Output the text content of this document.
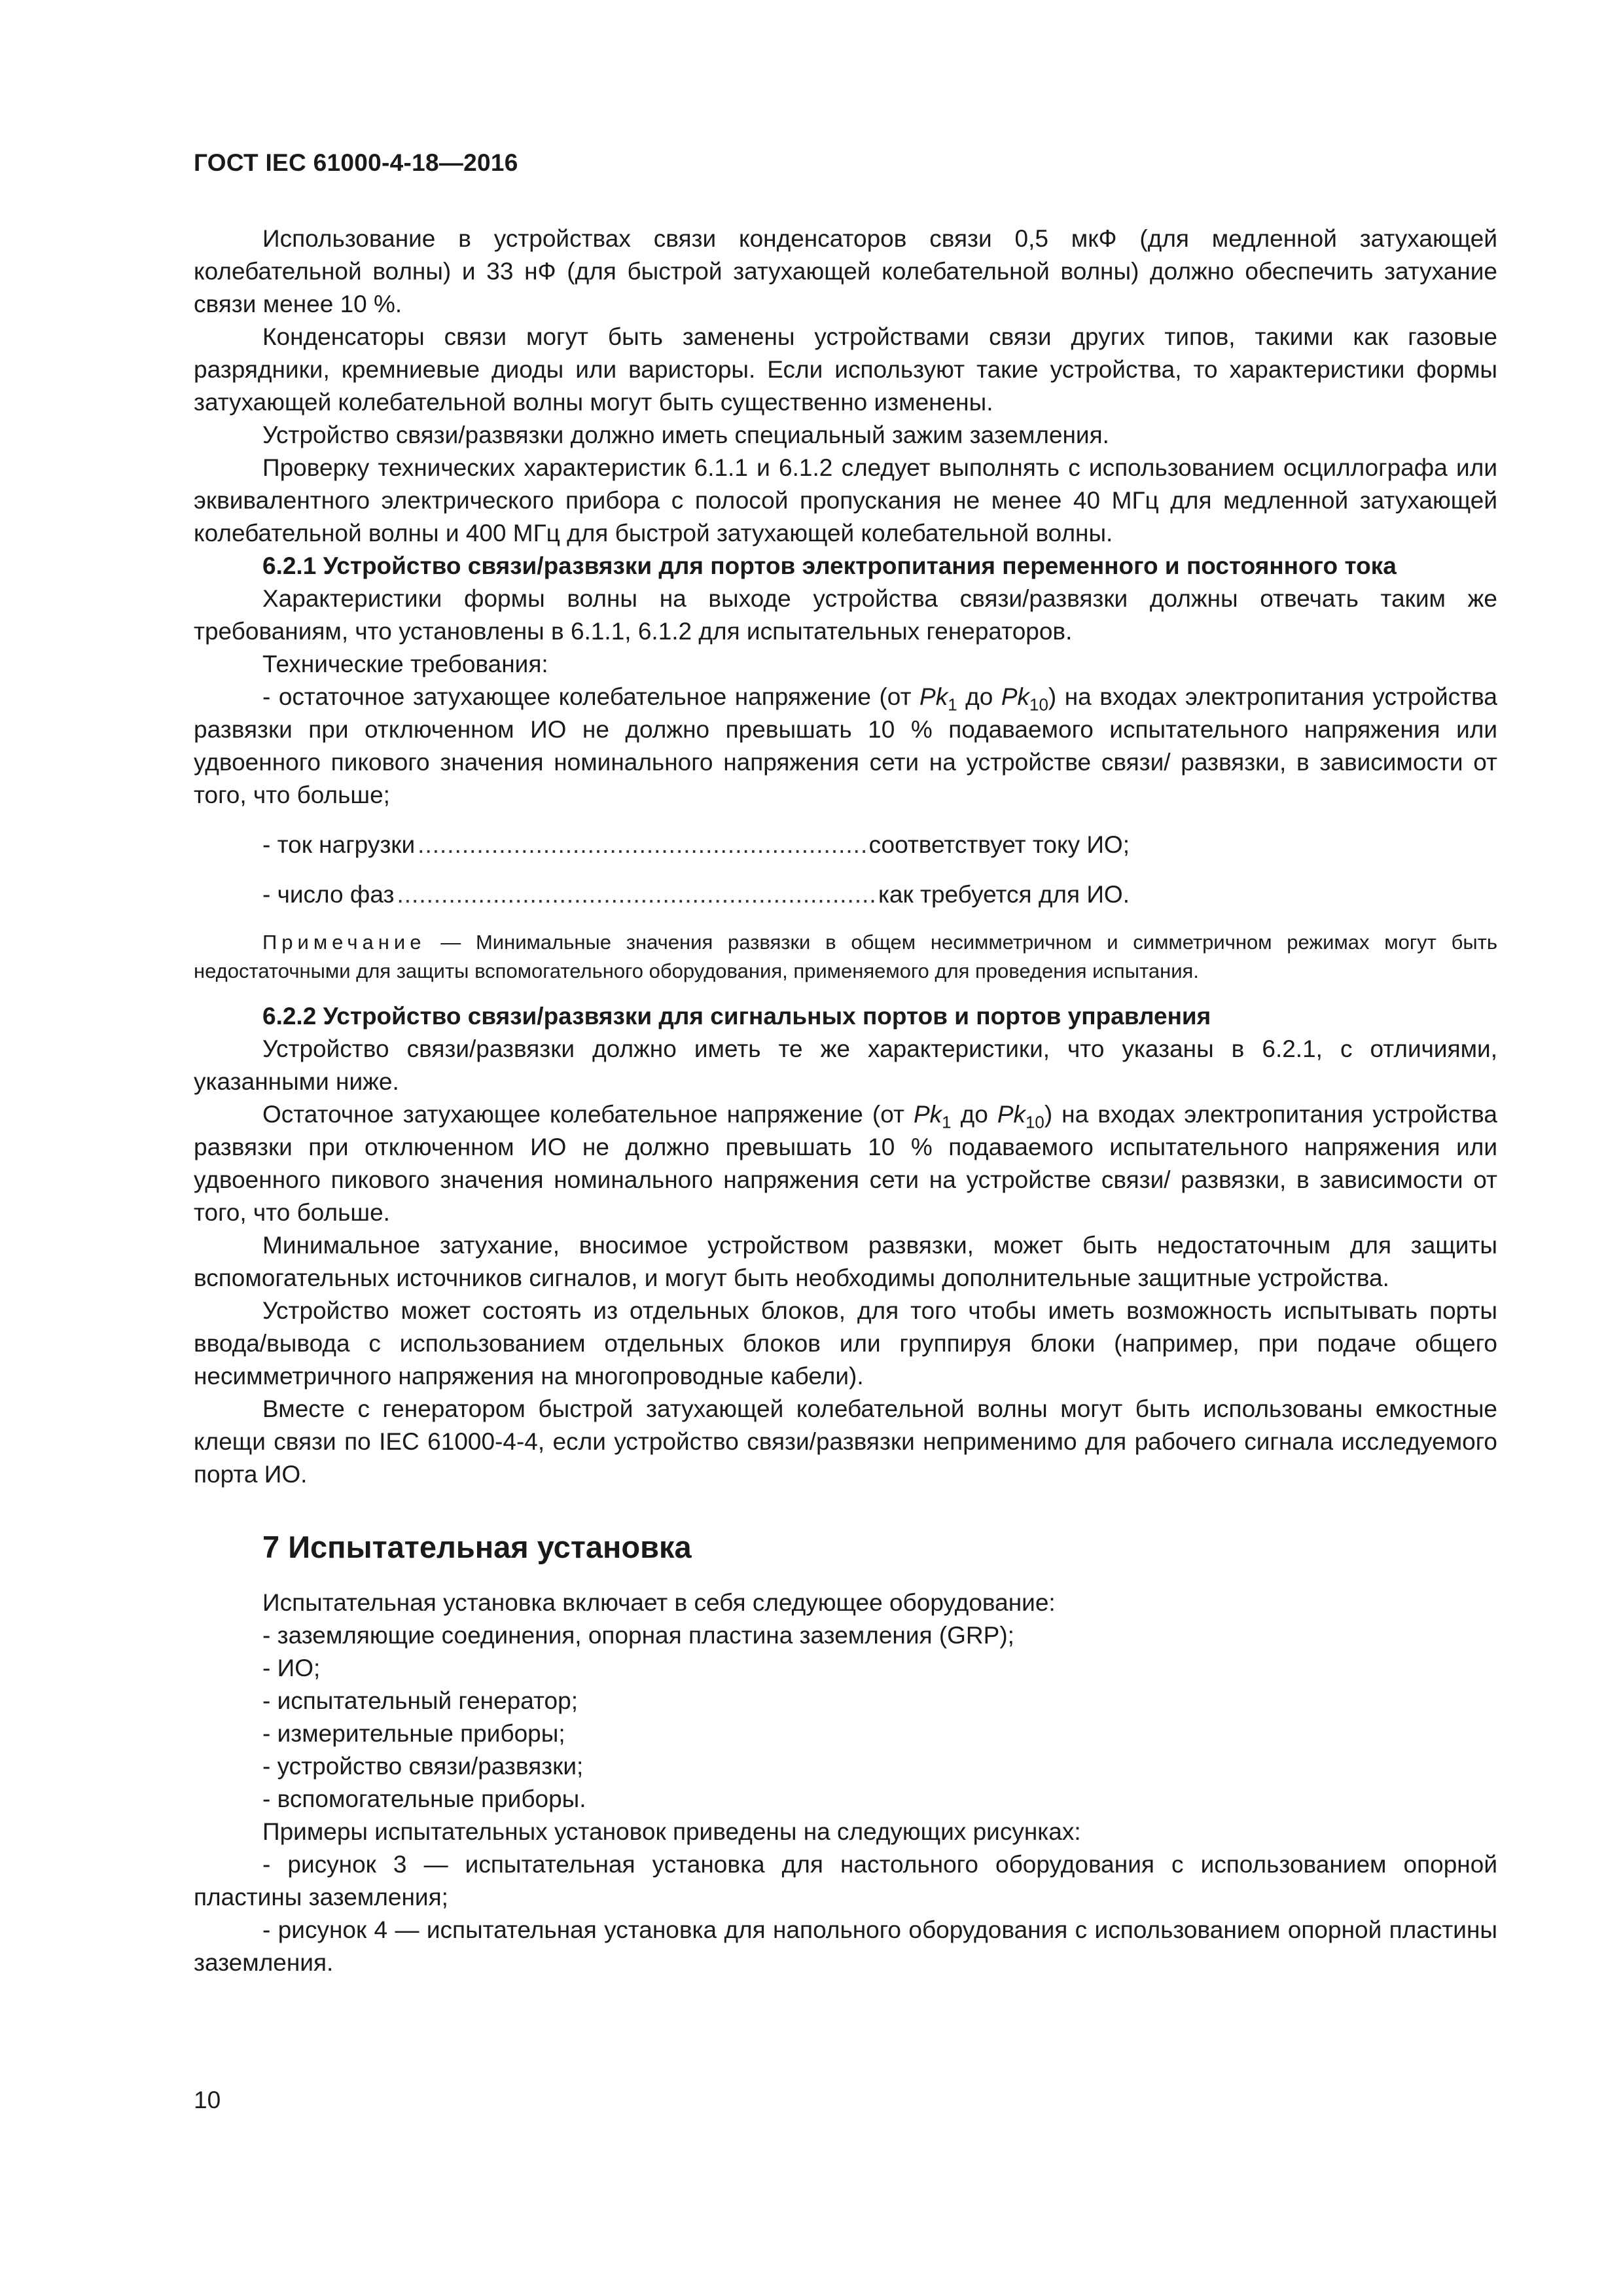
ГОСТ IEC 61000-4-18—2016

Использование в устройствах связи конденсаторов связи 0,5 мкФ (для медленной затухающей колебательной волны) и 33 нФ (для быстрой затухающей колебательной волны) должно обеспечить затухание связи менее 10 %.

Конденсаторы связи могут быть заменены устройствами связи других типов, такими как газовые разрядники, кремниевые диоды или варисторы. Если используют такие устройства, то характеристики формы затухающей колебательной волны могут быть существенно изменены.

Устройство связи/развязки должно иметь специальный зажим заземления.

Проверку технических характеристик 6.1.1 и 6.1.2 следует выполнять с использованием осциллографа или эквивалентного электрического прибора с полосой пропускания не менее 40 МГц для медленной затухающей колебательной волны и 400 МГц для быстрой затухающей колебательной волны.

6.2.1 Устройство связи/развязки для портов электропитания переменного и постоянного тока

Характеристики формы волны на выходе устройства связи/развязки должны отвечать таким же требованиям, что установлены в 6.1.1, 6.1.2 для испытательных генераторов.

Технические требования:

- остаточное затухающее колебательное напряжение (от $Pk_1$ до $Pk_{10}$) на входах электропитания устройства развязки при отключенном ИО не должно превышать 10 % подаваемого испытательного напряжения или удвоенного пикового значения номинального напряжения сети на устройстве связи/ развязки, в зависимости от того, что больше;

- ток нагрузки .....	соответствует току ИО;
- число фаз .....	как требуется для ИО.
Примечание — Минимальные значения развязки в общем несимметричном и симметричном режимах могут быть недостаточными для защиты вспомогательного оборудования, применяемого для проведения испытания.

6.2.2 Устройство связи/развязки для сигнальных портов и портов управления

Устройство связи/развязки должно иметь те же характеристики, что указаны в 6.2.1, с отличиями, указанными ниже.

Остаточное затухающее колебательное напряжение (от $Pk_1$ до $Pk_{10}$) на входах электропитания устройства развязки при отключенном ИО не должно превышать 10 % подаваемого испытательного напряжения или удвоенного пикового значения номинального напряжения сети на устройстве связи/ развязки, в зависимости от того, что больше.

Минимальное затухание, вносимое устройством развязки, может быть недостаточным для защиты вспомогательных источников сигналов, и могут быть необходимы дополнительные защитные устройства.

Устройство может состоять из отдельных блоков, для того чтобы иметь возможность испытывать порты ввода/вывода с использованием отдельных блоков или группируя блоки (например, при подаче общего несимметричного напряжения на многопроводные кабели).

Вместе с генератором быстрой затухающей колебательной волны могут быть использованы емкостные клещи связи по IEC 61000-4-4, если устройство связи/развязки неприменимо для рабочего сигнала исследуемого порта ИО.

7 Испытательная установка

Испытательная установка включает в себя следующее оборудование:

- заземляющие соединения, опорная пластина заземления (GRP);

- ИО;

- испытательный генератор;

- измерительные приборы;

- устройство связи/развязки;

- вспомогательные приборы.

Примеры испытательных установок приведены на следующих рисунках:

- рисунок 3 — испытательная установка для настольного оборудования с использованием опорной пластины заземления;

- рисунок 4 — испытательная установка для напольного оборудования с использованием опорной пластины заземления.

10
